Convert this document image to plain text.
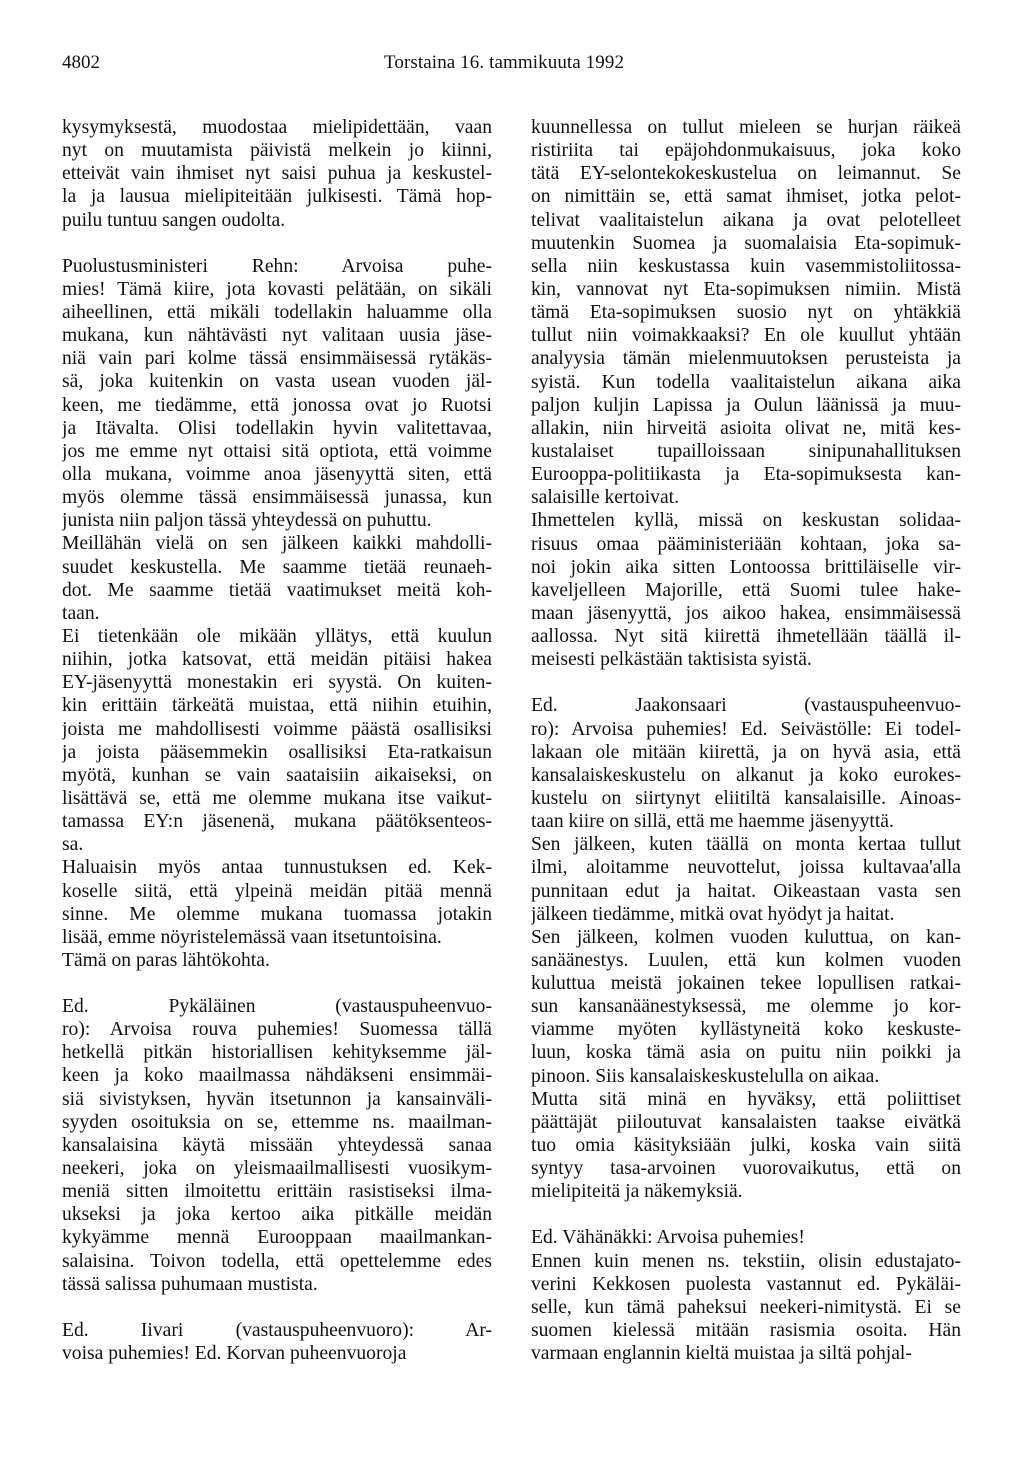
4802	Torstaina 16. tammikuuta 1992
kysymyksestä, muodostaa mielipidettään, vaan
nyt on muutamista päivistä melkein jo kiinni,
etteivät vain ihmiset nyt saisi puhua ja keskustel-
la ja lausua mielipiteitään julkisesti. Tämä hop-
puilu tuntuu sangen oudolta.
Puolustusministeri Rehn: Arvoisa puhe-
mies! Tämä kiire, jota kovasti pelätään, on sikäli
aiheellinen, että mikäli todellakin haluamme olla
mukana, kun nähtävästi nyt valitaan uusia jäse-
niä vain pari kolme tässä ensimmäisessä rytäkäs-
sä, joka kuitenkin on vasta usean vuoden jäl-
keen, me tiedämme, että jonossa ovat jo Ruotsi
ja Itävalta. Olisi todellakin hyvin valitettavaa,
jos me emme nyt ottaisi sitä optiota, että voimme
olla mukana, voimme anoa jäsenyyttä siten, että
myös olemme tässä ensimmäisessä junassa, kun
junista niin paljon tässä yhteydessä on puhuttu.
Meillähän vielä on sen jälkeen kaikki mahdolli-
suudet keskustella. Me saamme tietää reunaeh-
dot. Me saamme tietää vaatimukset meitä koh-
taan.
Ei tietenkään ole mikään yllätys, että kuulun
niihin, jotka katsovat, että meidän pitäisi hakea
EY-jäsenyyttä monestakin eri syystä. On kuiten-
kin erittäin tärkeätä muistaa, että niihin etuihin,
joista me mahdollisesti voimme päästä osallisiksi
ja joista pääsemmekin osallisiksi Eta-ratkaisun
myötä, kunhan se vain saataisiin aikaiseksi, on
lisättävä se, että me olemme mukana itse vaikut-
tamassa EY:n jäsenenä, mukana päätöksenteos-
sa.
Haluaisin myös antaa tunnustuksen ed. Kek-
koselle siitä, että ylpeinä meidän pitää mennä
sinne. Me olemme mukana tuomassa jotakin
lisää, emme nöyristelemässä vaan itsetuntoisina.
Tämä on paras lähtökohta.
Ed. Pykäläinen (vastauspuheenvuo-
ro): Arvoisa rouva puhemies! Suomessa tällä
hetkellä pitkän historiallisen kehityksemme jäl-
keen ja koko maailmassa nähdäkseni ensimmäi-
siä sivistyksen, hyvän itsetunnon ja kansainväli-
syyden osoituksia on se, ettemme ns. maailman-
kansalaisina käytä missään yhteydessä sanaa
neekeri, joka on yleismaailmallisesti vuosikym-
meniä sitten ilmoitettu erittäin rasistiseksi ilma-
ukseksi ja joka kertoo aika pitkälle meidän
kykyämme mennä Eurooppaan maailmankan-
salaisina. Toivon todella, että opettelemme edes
tässä salissa puhumaan mustista.
Ed. Iivari (vastauspuheenvuoro): Ar-
voisa puhemies! Ed. Korvan puheenvuoroja
kuunnellessa on tullut mieleen se hurjan räikeä
ristiriita tai epäjohdonmukaisuus, joka koko
tätä EY-selontekokeskustelua on leimannut. Se
on nimittäin se, että samat ihmiset, jotka pelot-
telivat vaalitaistelun aikana ja ovat pelotelleet
muutenkin Suomea ja suomalaisia Eta-sopimuk-
sella niin keskustassa kuin vasemmistoliitossa-
kin, vannovat nyt Eta-sopimuksen nimiin. Mistä
tämä Eta-sopimuksen suosio nyt on yhtäkkiä
tullut niin voimakkaaksi? En ole kuullut yhtään
analyysia tämän mielenmuutoksen perusteista ja
syistä. Kun todella vaalitaistelun aikana aika
paljon kuljin Lapissa ja Oulun läänissä ja muu-
allakin, niin hirveitä asioita olivat ne, mitä kes-
kustalaiset tupailloissaan sinipunahallituksen
Eurooppa-politiikasta ja Eta-sopimuksesta kan-
salaisille kertoivat.
Ihmettelen kyllä, missä on keskustan solidaa-
risuus omaa pääministeriään kohtaan, joka sa-
noi jokin aika sitten Lontoossa brittiläiselle vir-
kaveljelleen Majorille, että Suomi tulee hake-
maan jäsenyyttä, jos aikoo hakea, ensimmäisessä
aallossa. Nyt sitä kiirettä ihmetellään täällä il-
meisesti pelkästään taktisista syistä.
Ed. Jaakonsaari (vastauspuheenvuo-
ro): Arvoisa puhemies! Ed. Seivästölle: Ei todel-
lakaan ole mitään kiirettä, ja on hyvä asia, että
kansalaiskeskustelu on alkanut ja koko eurokes-
kustelu on siirtynyt eliitiltä kansalaisille. Ainoas-
taan kiire on sillä, että me haemme jäsenyyttä.
Sen jälkeen, kuten täällä on monta kertaa tullut
ilmi, aloitamme neuvottelut, joissa kultavaa'alla
punnitaan edut ja haitat. Oikeastaan vasta sen
jälkeen tiedämme, mitkä ovat hyödyt ja haitat.
Sen jälkeen, kolmen vuoden kuluttua, on kan-
sanäänestys. Luulen, että kun kolmen vuoden
kuluttua meistä jokainen tekee lopullisen ratkai-
sun kansanäänestyksessä, me olemme jo kor-
viamme myöten kyllästyneitä koko keskuste-
luun, koska tämä asia on puitu niin poikki ja
pinoon. Siis kansalaiskeskustelulla on aikaa.
Mutta sitä minä en hyväksy, että poliittiset
päättäjät piiloutuvat kansalaisten taakse eivätkä
tuo omia käsityksiään julki, koska vain siitä
syntyy tasa-arvoinen vuorovaikutus, että on
mielipiteitä ja näkemyksiä.
Ed. Vähänäkki: Arvoisa puhemies!
Ennen kuin menen ns. tekstiin, olisin edustajato-
verini Kekkosen puolesta vastannut ed. Pykäläi-
selle, kun tämä paheksui neekeri-nimitystä. Ei se
suomen kielessä mitään rasismia osoita. Hän
varmaan englannin kieltä muistaa ja siltä pohjal-
